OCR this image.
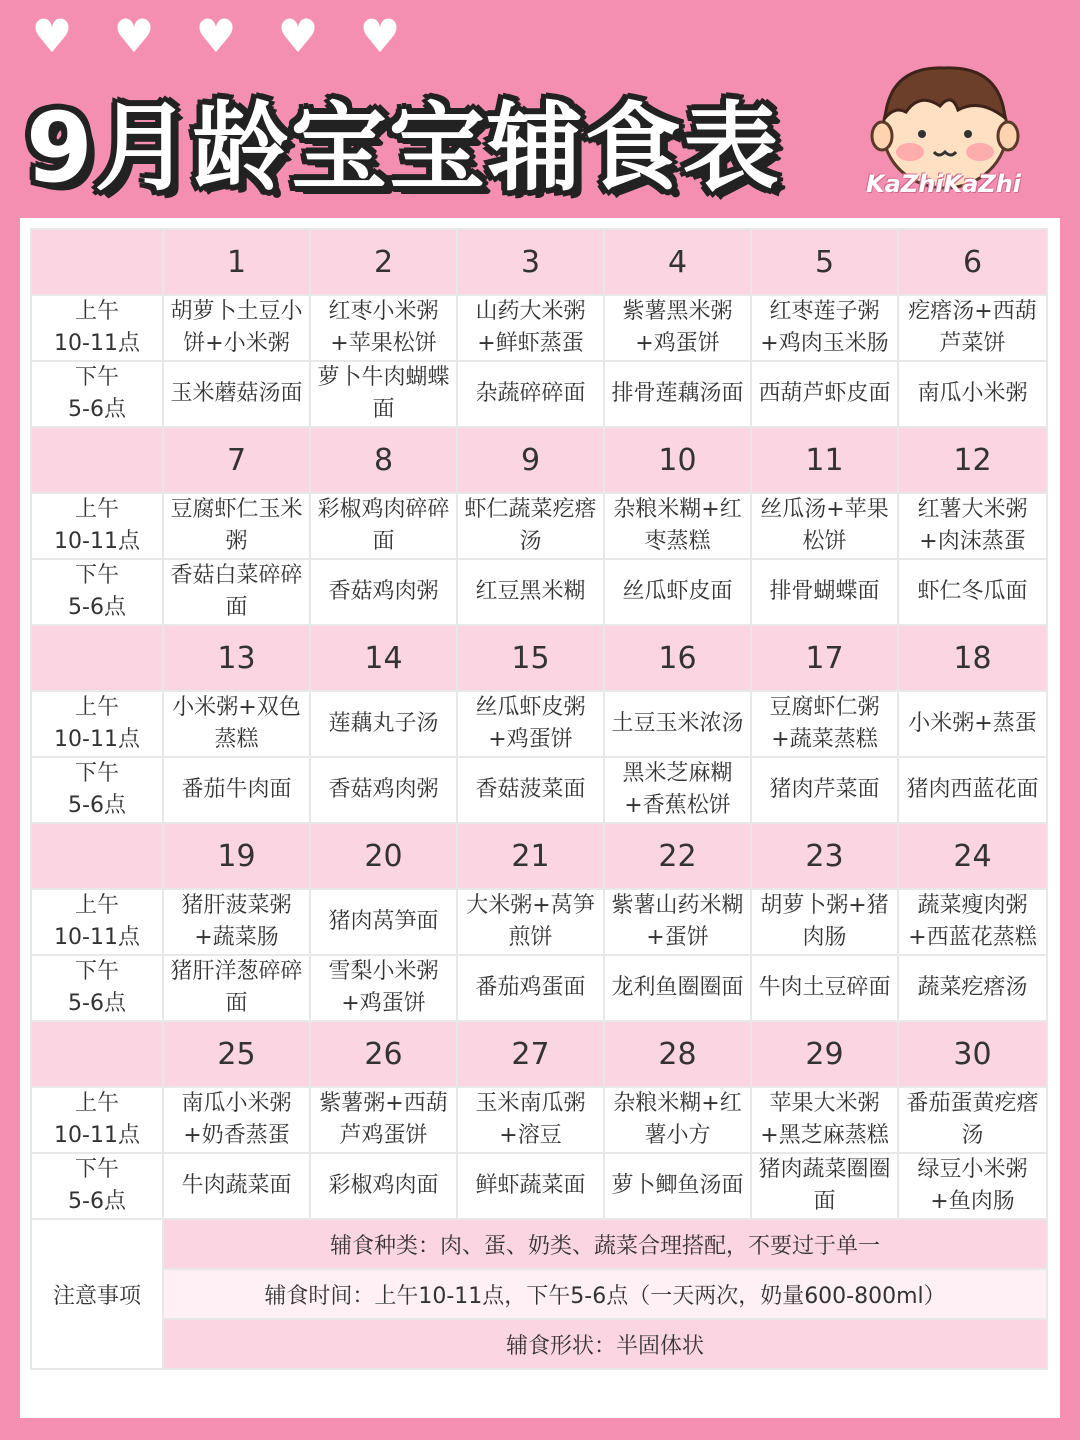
♥ ♥ ♥ ♥ ♥
9月龄宝宝辅食表	KaZhiKaZhi
	1	2	3	4	5	6
上午
10-11点	胡萝卜土豆小饼+小米粥	红枣小米粥+苹果松饼	山药大米粥+鲜虾蒸蛋	紫薯黑米粥+鸡蛋饼	红枣莲子粥+鸡肉玉米肠	疙瘩汤+西葫芦菜饼
下午
5-6点	玉米蘑菇汤面	萝卜牛肉蝴蝶面	杂蔬碎碎面	排骨莲藕汤面	西葫芦虾皮面	南瓜小米粥
	7	8	9	10	11	12
上午
10-11点	豆腐虾仁玉米粥	彩椒鸡肉碎碎面	虾仁蔬菜疙瘩汤	杂粮米糊+红枣蒸糕	丝瓜汤+苹果松饼	红薯大米粥+肉沫蒸蛋
下午
5-6点	香菇白菜碎碎面	香菇鸡肉粥	红豆黑米糊	丝瓜虾皮面	排骨蝴蝶面	虾仁冬瓜面
	13	14	15	16	17	18
上午
10-11点	小米粥+双色蒸糕	莲藕丸子汤	丝瓜虾皮粥+鸡蛋饼	土豆玉米浓汤	豆腐虾仁粥+蔬菜蒸糕	小米粥+蒸蛋
下午
5-6点	番茄牛肉面	香菇鸡肉粥	香菇菠菜面	黑米芝麻糊+香蕉松饼	猪肉芹菜面	猪肉西蓝花面
	19	20	21	22	23	24
上午
10-11点	猪肝菠菜粥+蔬菜肠	猪肉莴笋面	大米粥+莴笋煎饼	紫薯山药米糊+蛋饼	胡萝卜粥+猪肉肠	蔬菜瘦肉粥+西蓝花蒸糕
下午
5-6点	猪肝洋葱碎碎面	雪梨小米粥+鸡蛋饼	番茄鸡蛋面	龙利鱼圈圈面	牛肉土豆碎面	蔬菜疙瘩汤
	25	26	27	28	29	30
上午
10-11点	南瓜小米粥+奶香蒸蛋	紫薯粥+西葫芦鸡蛋饼	玉米南瓜粥+溶豆	杂粮米糊+红薯小方	苹果大米粥+黑芝麻蒸糕	番茄蛋黄疙瘩汤
下午
5-6点	牛肉蔬菜面	彩椒鸡肉面	鲜虾蔬菜面	萝卜鲫鱼汤面	猪肉蔬菜圈圈面	绿豆小米粥+鱼肉肠
注意事项	辅食种类：肉、蛋、奶类、蔬菜合理搭配，不要过于单一					
	辅食时间：上午10-11点，下午5-6点（一天两次，奶量600-800ml）					
	辅食形状：半固体状					
